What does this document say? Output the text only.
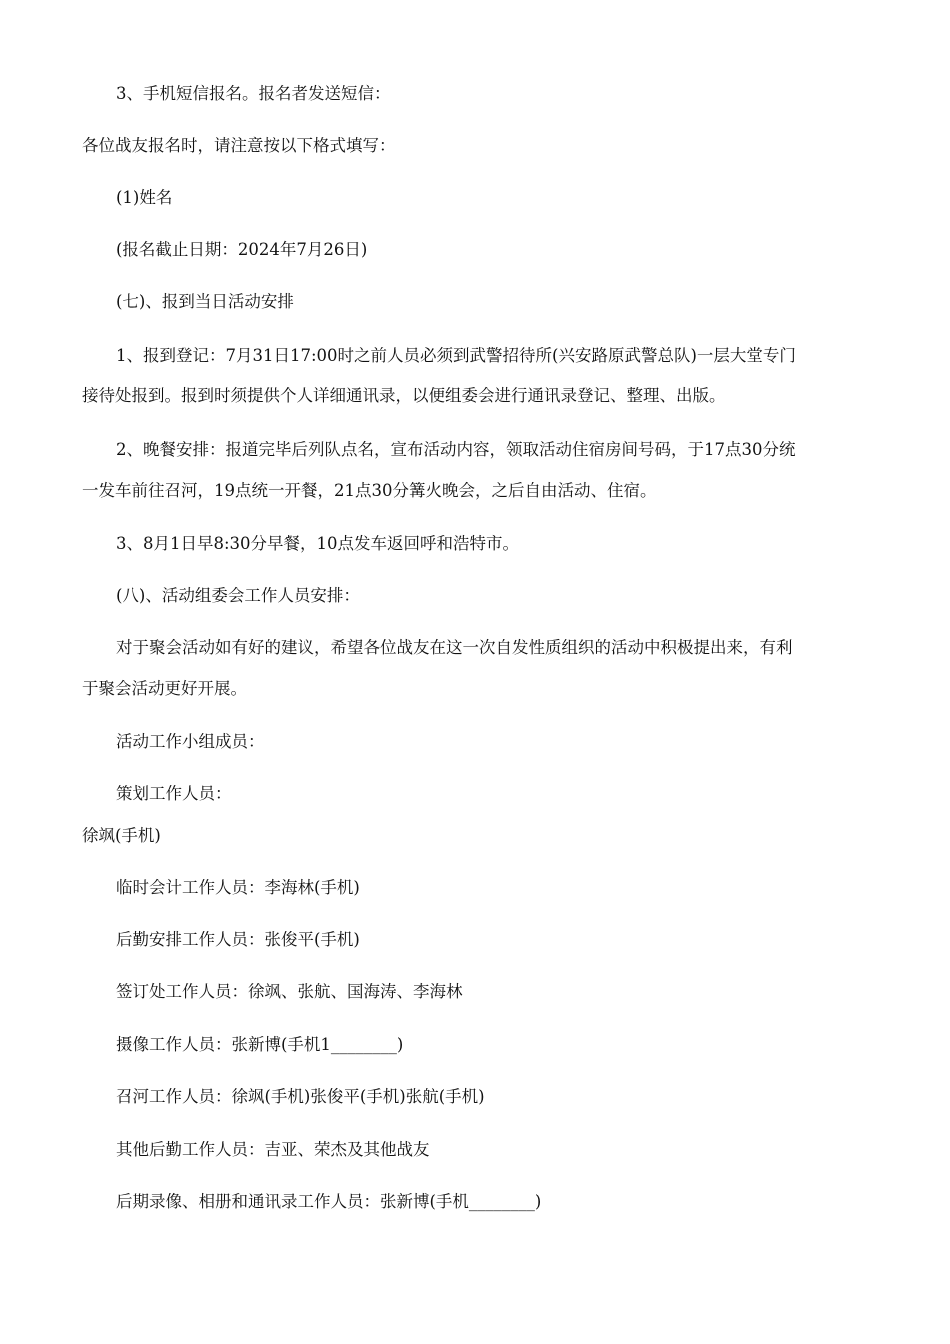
3、手机短信报名。报名者发送短信：

各位战友报名时，请注意按以下格式填写：

(1)姓名

(报名截止日期：2024年7月26日)

(七)、报到当日活动安排

1、报到登记：7月31日17:00时之前人员必须到武警招待所(兴安路原武警总队)一层大堂专门

接待处报到。报到时须提供个人详细通讯录，以便组委会进行通讯录登记、整理、出版。

2、晚餐安排：报道完毕后列队点名，宣布活动内容，领取活动住宿房间号码，于17点30分统

一发车前往召河，19点统一开餐，21点30分篝火晚会，之后自由活动、住宿。

3、8月1日早8:30分早餐，10点发车返回呼和浩特市。

(八)、活动组委会工作人员安排：

对于聚会活动如有好的建议，希望各位战友在这一次自发性质组织的活动中积极提出来，有利

于聚会活动更好开展。

活动工作小组成员：

策划工作人员：

徐飒(手机)

临时会计工作人员：李海林(手机)

后勤安排工作人员：张俊平(手机)

签订处工作人员：徐飒、张航、国海涛、李海林

摄像工作人员：张新博(手机1________)

召河工作人员：徐飒(手机)张俊平(手机)张航(手机)

其他后勤工作人员：吉亚、荣杰及其他战友

后期录像、相册和通讯录工作人员：张新博(手机________)
